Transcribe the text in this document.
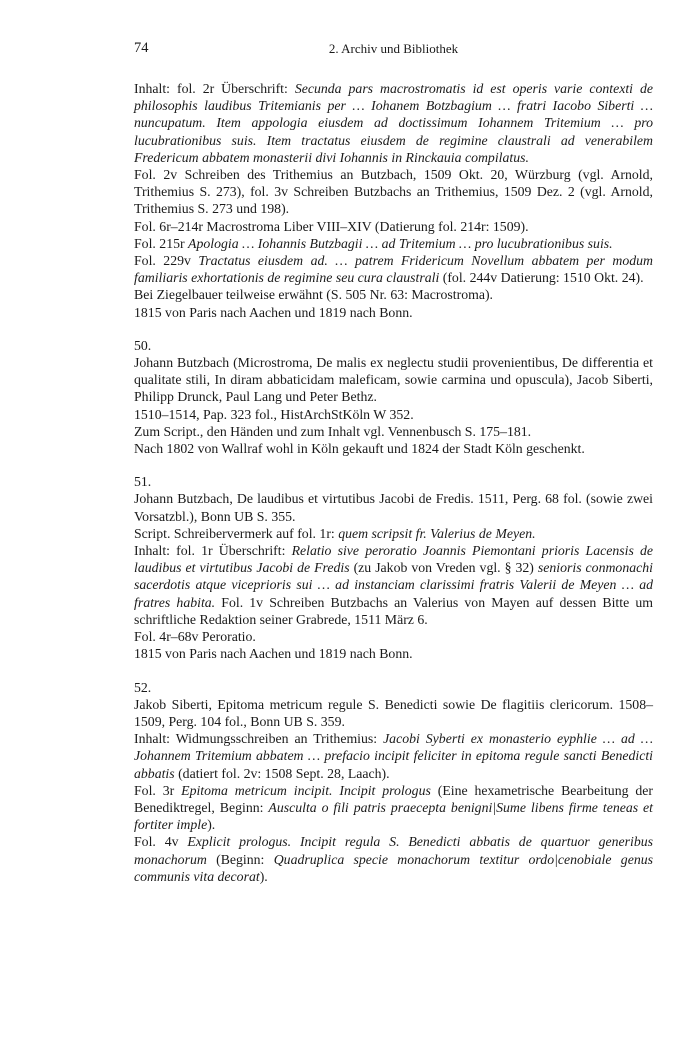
74	2. Archiv und Bibliothek
Inhalt: fol. 2r Überschrift: Secunda pars macrostromatis id est operis varie contexti de philosophis laudibus Tritemianis per … Iohanem Botzbagium … fratri Iacobo Siberti … nuncupatum. Item appologia eiusdem ad doctissimum Iohannem Tritemium … pro lucubrationibus suis. Item tractatus eiusdem de regimine claustrali ad venerabilem Fredericum abbatem monasterii divi Iohannis in Rinckauia compilatus.
Fol. 2v Schreiben des Trithemius an Butzbach, 1509 Okt. 20, Würzburg (vgl. Arnold, Trithemius S. 273), fol. 3v Schreiben Butzbachs an Trithemius, 1509 Dez. 2 (vgl. Arnold, Trithemius S. 273 und 198).
Fol. 6r–214r Macrostroma Liber VIII–XIV (Datierung fol. 214r: 1509).
Fol. 215r Apologia … Iohannis Butzbagii … ad Tritemium … pro lucubrationibus suis.
Fol. 229v Tractatus eiusdem ad. … patrem Fridericum Novellum abbatem per modum familiaris exhortationis de regimine seu cura claustrali (fol. 244v Datierung: 1510 Okt. 24).
Bei Ziegelbauer teilweise erwähnt (S. 505 Nr. 63: Macrostroma).
1815 von Paris nach Aachen und 1819 nach Bonn.
50.
Johann Butzbach (Microstroma, De malis ex neglectu studii provenientibus, De differentia et qualitate stili, In diram abbaticidam maleficam, sowie carmina und opuscula), Jacob Siberti, Philipp Drunck, Paul Lang und Peter Bethz.
1510–1514, Pap. 323 fol., HistArchStKöln W 352.
Zum Script., den Händen und zum Inhalt vgl. Vennenbusch S. 175–181.
Nach 1802 von Wallraf wohl in Köln gekauft und 1824 der Stadt Köln geschenkt.
51.
Johann Butzbach, De laudibus et virtutibus Jacobi de Fredis. 1511, Perg. 68 fol. (sowie zwei Vorsatzbl.), Bonn UB S. 355.
Script. Schreibervermerk auf fol. 1r: quem scripsit fr. Valerius de Meyen.
Inhalt: fol. 1r Überschrift: Relatio sive peroratio Joannis Piemontani prioris Lacensis de laudibus et virtutibus Jacobi de Fredis (zu Jakob von Vreden vgl. § 32) senioris conmonachi sacerdotis atque viceprioris sui … ad instanciam clarissimi fratris Valerii de Meyen … ad fratres habita. Fol. 1v Schreiben Butzbachs an Valerius von Mayen auf dessen Bitte um schriftliche Redaktion seiner Grabrede, 1511 März 6.
Fol. 4r–68v Peroratio.
1815 von Paris nach Aachen und 1819 nach Bonn.
52.
Jakob Siberti, Epitoma metricum regule S. Benedicti sowie De flagitiis clericorum. 1508–1509, Perg. 104 fol., Bonn UB S. 359.
Inhalt: Widmungsschreiben an Trithemius: Jacobi Syberti ex monasterio eyphlie … ad … Johannem Tritemium abbatem … prefacio incipit feliciter in epitoma regule sancti Benedicti abbatis (datiert fol. 2v: 1508 Sept. 28, Laach).
Fol. 3r Epitoma metricum incipit. Incipit prologus (Eine hexametrische Bearbeitung der Benediktregel, Beginn: Ausculta o fili patris praecepta benigni|Sume libens firme teneas et fortiter imple).
Fol. 4v Explicit prologus. Incipit regula S. Benedicti abbatis de quartuor generibus monachorum (Beginn: Quadruplica specie monachorum textitur ordo|cenobiale genus communis vita decorat).
